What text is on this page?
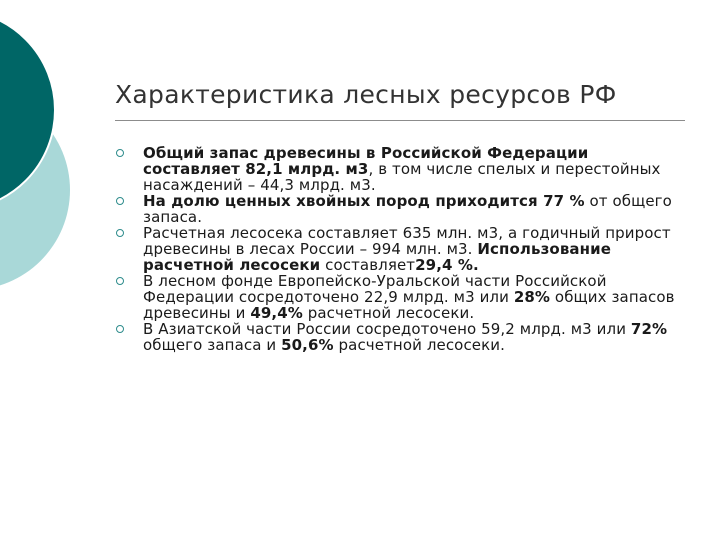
Характеристика лесных ресурсов РФ
Общий запас древесины в Российской Федерации составляет 82,1 млрд. м3, в том числе спелых и перестойных насаждений – 44,3 млрд. м3.
На долю ценных хвойных пород приходится 77 % от общего запаса.
Расчетная лесосека составляет 635 млн. м3, а годичный прирост древесины в лесах России – 994 млн. м3. Использование расчетной лесосеки составляет29,4 %.
В лесном фонде Европейско-Уральской части Российской Федерации сосредоточено 22,9 млрд. м3 или 28% общих запасов древесины и 49,4% расчетной лесосеки.
В Азиатской части России сосредоточено 59,2 млрд. м3 или 72% общего запаса и 50,6% расчетной лесосеки.
